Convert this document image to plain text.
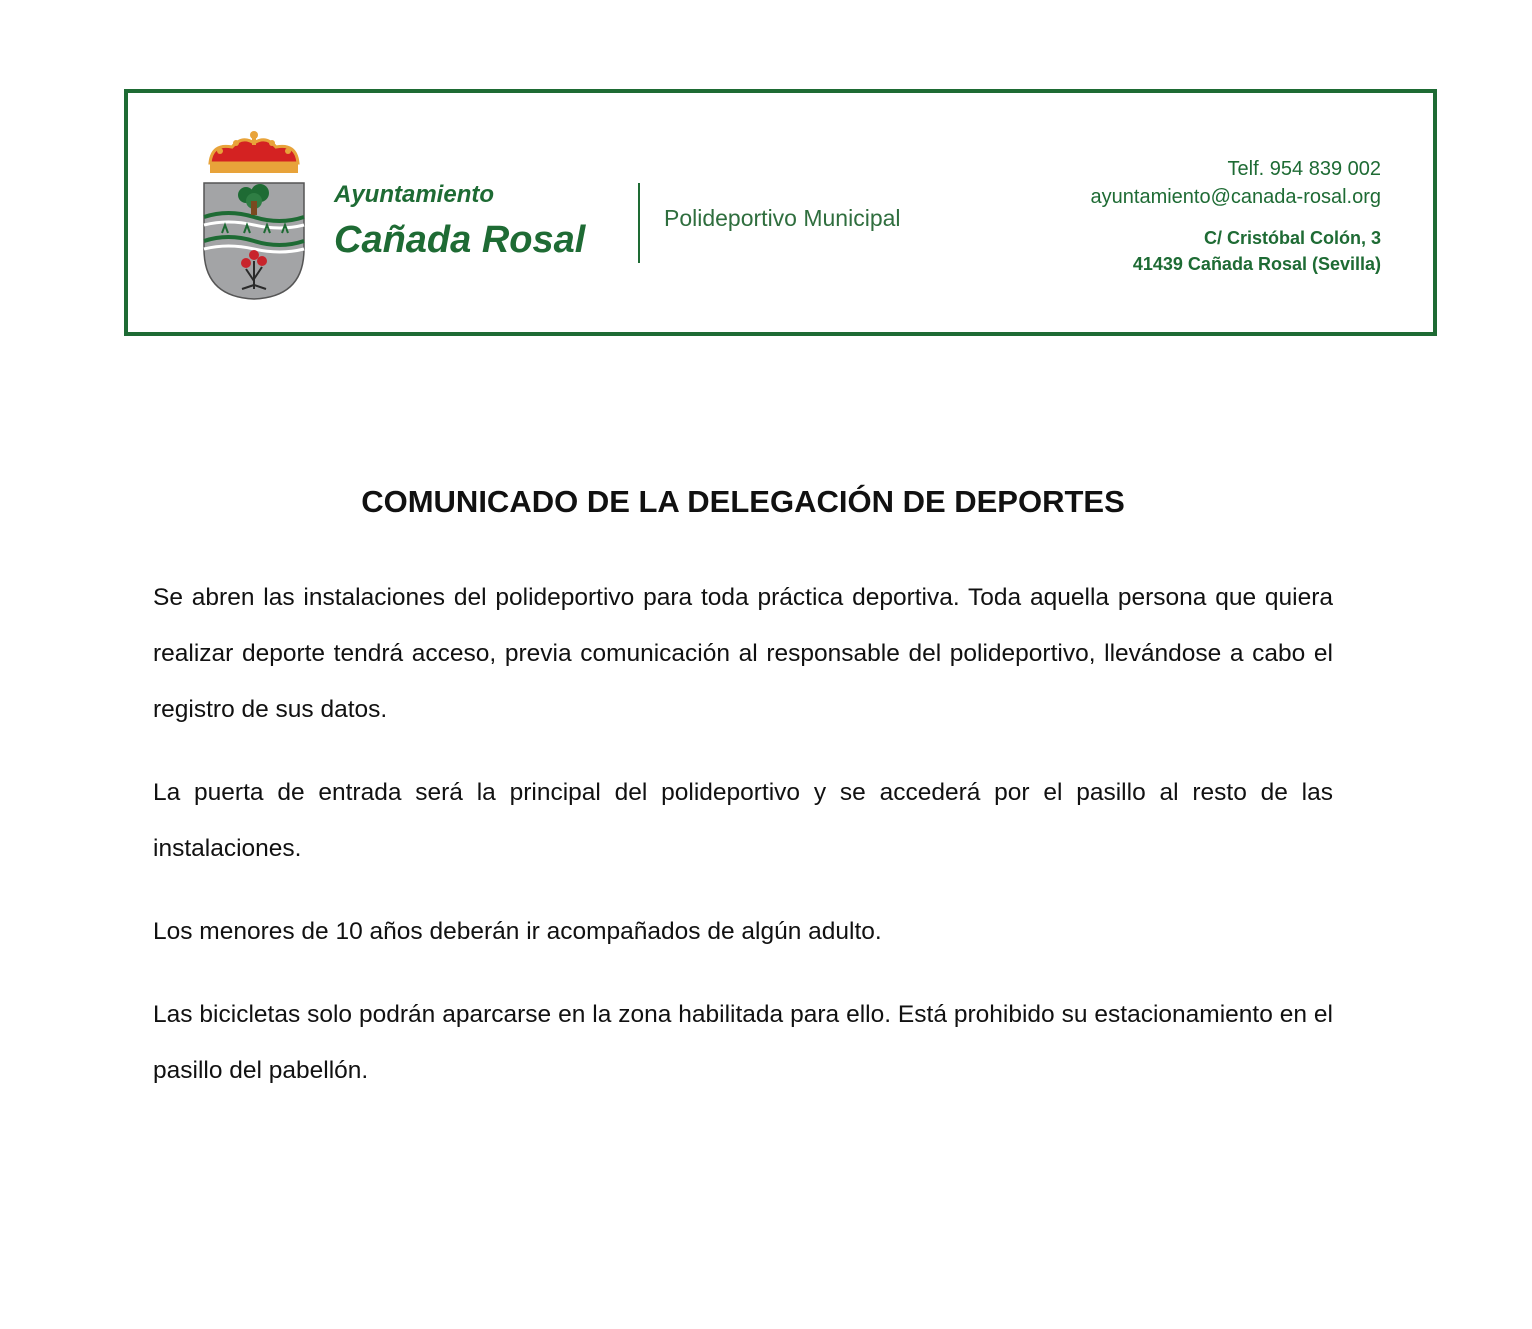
Ayuntamiento
Cañada Rosal
Polideportivo Municipal
Telf. 954 839 002
ayuntamiento@canada-rosal.org
C/ Cristóbal Colón, 3
41439 Cañada Rosal (Sevilla)
COMUNICADO DE LA DELEGACIÓN DE DEPORTES

Se abren las instalaciones del polideportivo para toda práctica deportiva. Toda aquella persona que quiera realizar deporte tendrá acceso, previa comunicación al responsable del polideportivo, llevándose a cabo el registro de sus datos.

La puerta de entrada será la principal del polideportivo y se accederá por el pasillo al resto de las instalaciones.

Los menores de 10 años deberán ir acompañados de algún adulto.

Las bicicletas solo podrán aparcarse en la zona habilitada para ello. Está prohibido su estacionamiento en el pasillo del pabellón.
